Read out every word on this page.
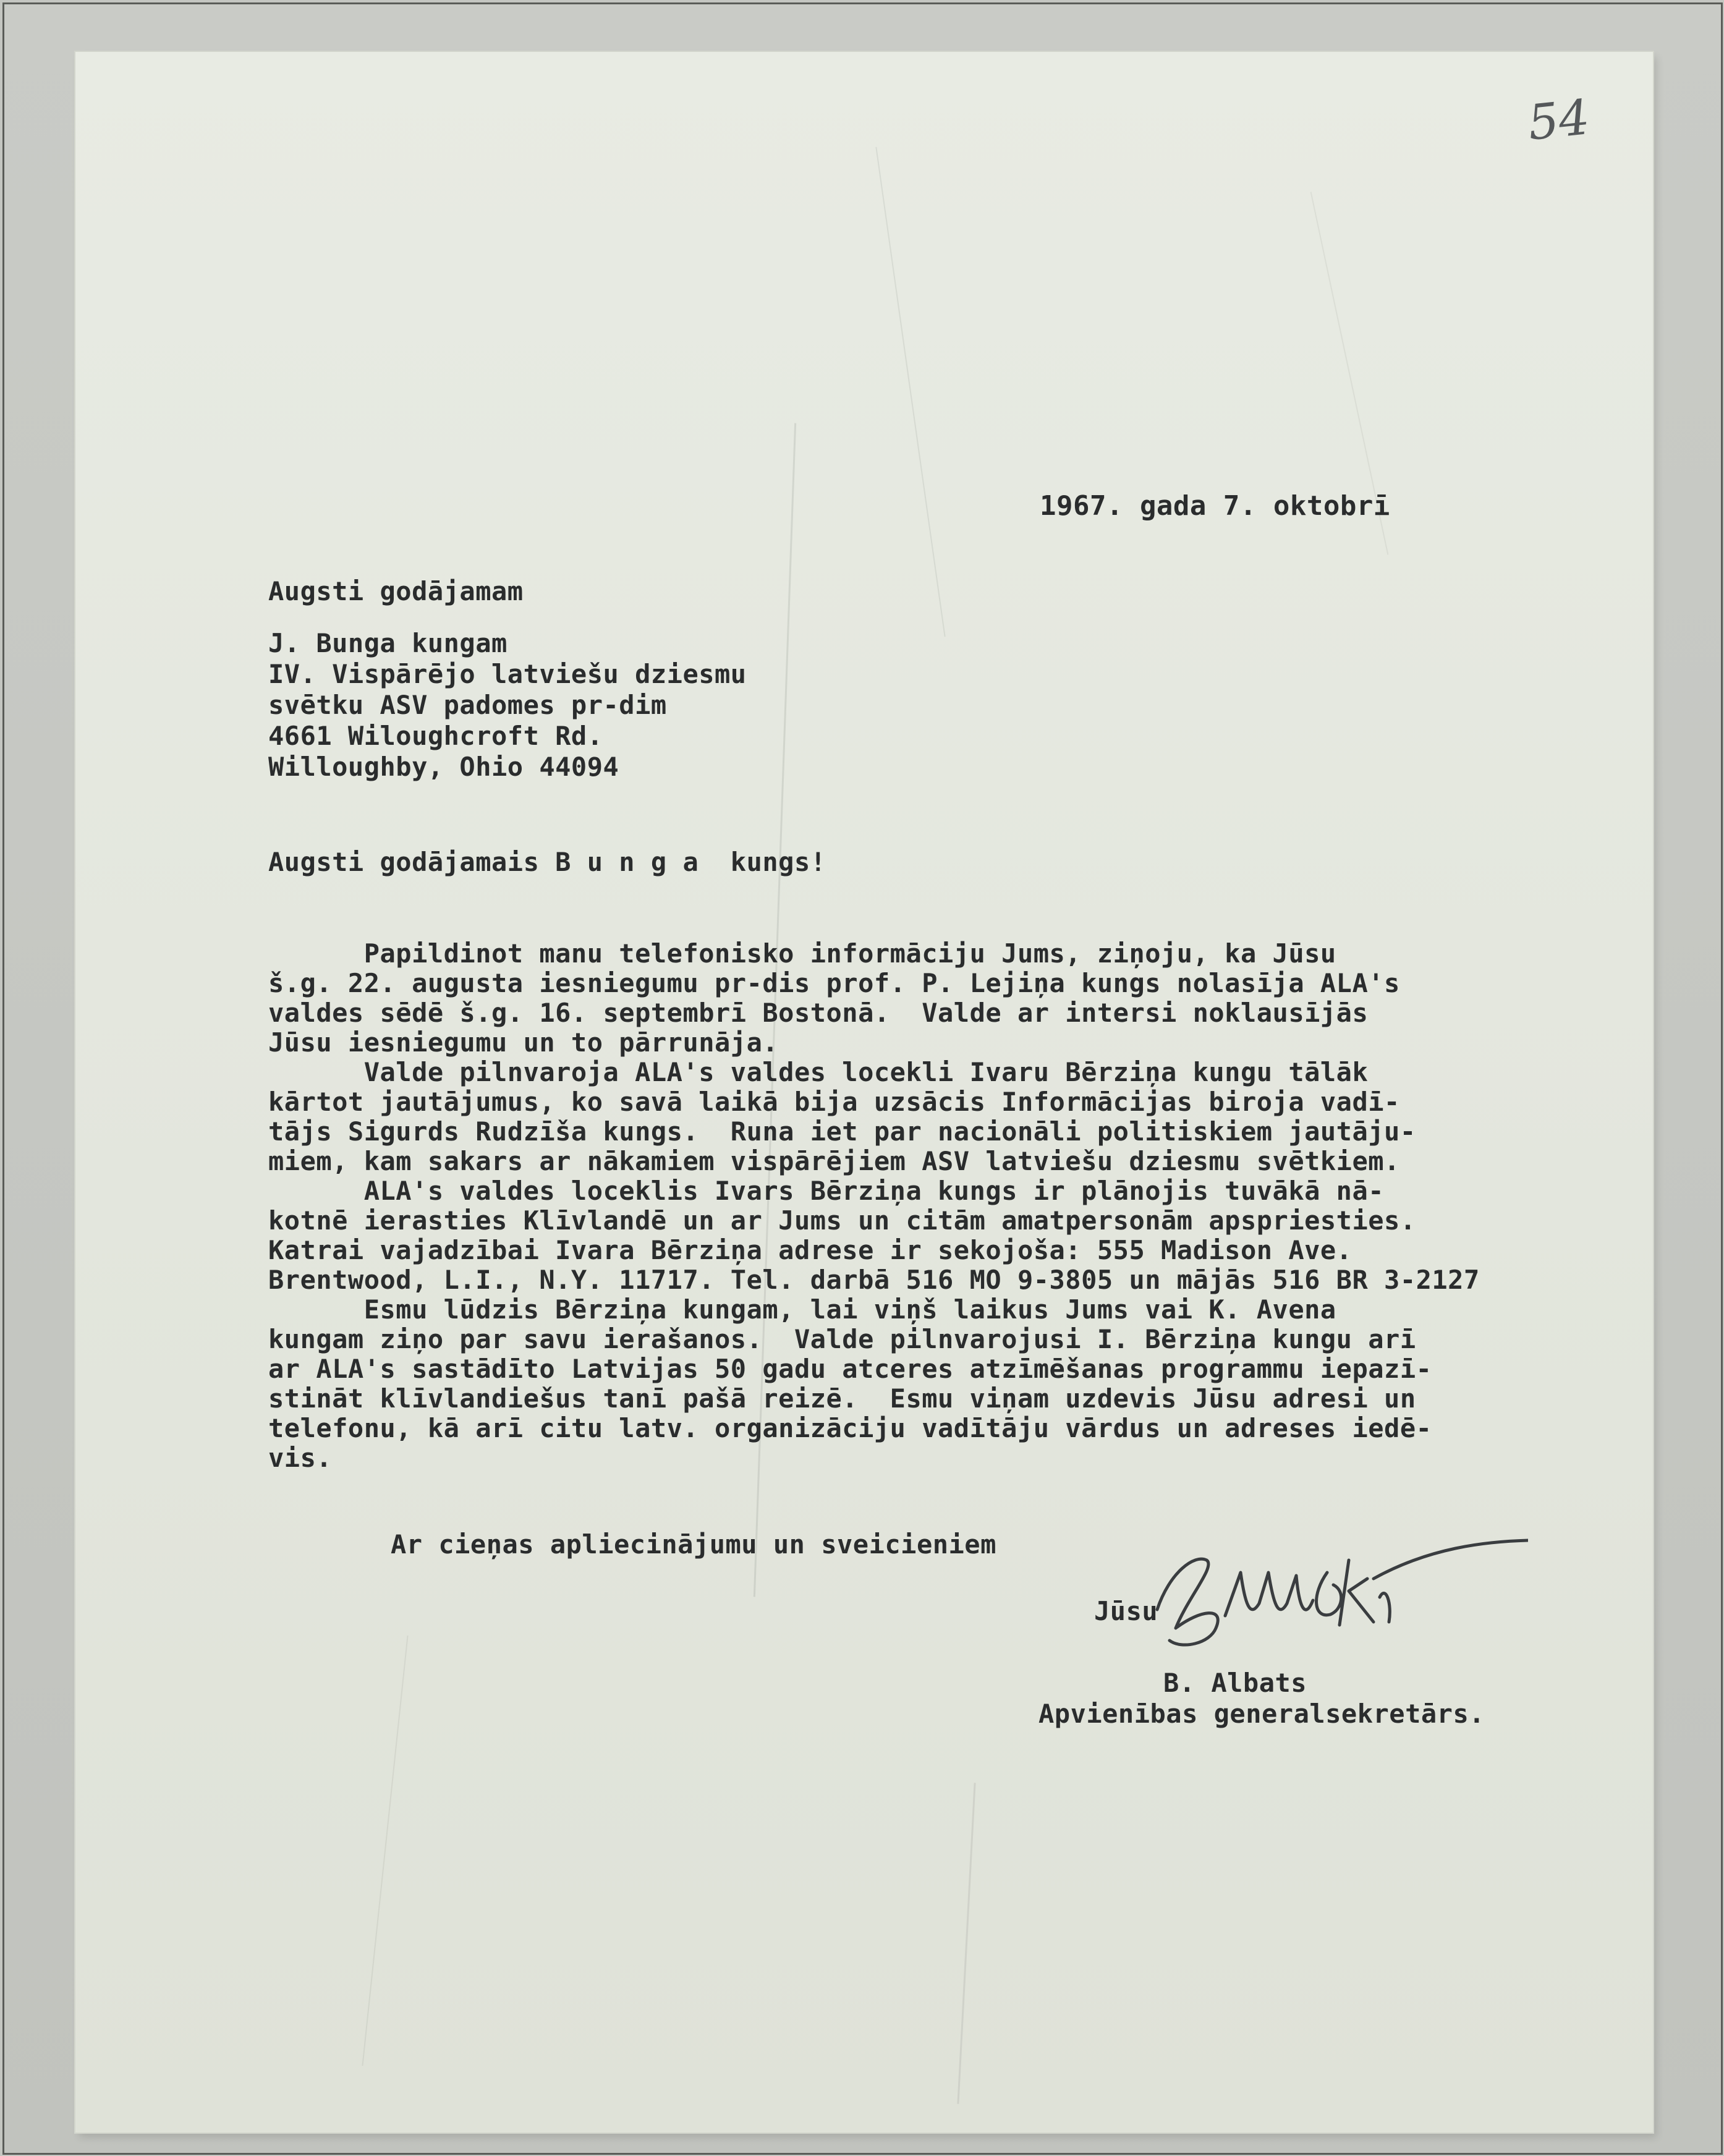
54

1967. gada 7. oktobrī

Augsti godājamam

J. Bunga kungam

IV. Vispārējo latviešu dziesmu

svētku ASV padomes pr-dim

4661 Wiloughcroft Rd.

Willoughby, Ohio 44094

Augsti godājamais B u n g a  kungs!

Papildinot manu telefonisko informāciju Jums, ziņoju, ka Jūsu

š.g. 22. augusta iesniegumu pr-dis prof. P. Lejiņa kungs nolasīja ALA's

valdes sēdē š.g. 16. septembrī Bostonā.  Valde ar intersi noklausījās

Jūsu iesniegumu un to pārrunāja.

Valde pilnvaroja ALA's valdes locekli Ivaru Bērziņa kungu tālāk

kārtot jautājumus, ko savā laikā bija uzsācis Informācijas biroja vadī-

tājs Sigurds Rudzīša kungs.  Runa iet par nacionāli politiskiem jautāju-

miem, kam sakars ar nākamiem vispārējiem ASV latviešu dziesmu svētkiem.

ALA's valdes loceklis Ivars Bērziņa kungs ir plānojis tuvākā nā-

kotnē ierasties Klīvlandē un ar Jums un citām amatpersonām apspriesties.

Katrai vajadzībai Ivara Bērziņa adrese ir sekojoša: 555 Madison Ave.

Brentwood, L.I., N.Y. 11717. Tel. darbā 516 MO 9-3805 un mājās 516 BR 3-2127

Esmu lūdzis Bērziņa kungam, lai viņš laikus Jums vai K. Avena

kungam ziņo par savu ierašanos.  Valde pilnvarojusi I. Bērziņa kungu arī

ar ALA's sastādīto Latvijas 50 gadu atceres atzīmēšanas programmu iepazī-

stināt klīvlandiešus tanī pašā reizē.  Esmu viņam uzdevis Jūsu adresi un

telefonu, kā arī citu latv. organizāciju vadītāju vārdus un adreses iedē-

vis.

Ar cieņas apliecinājumu un sveicieniem

Jūsu

B. Albats

Apvienības generalsekretārs.
